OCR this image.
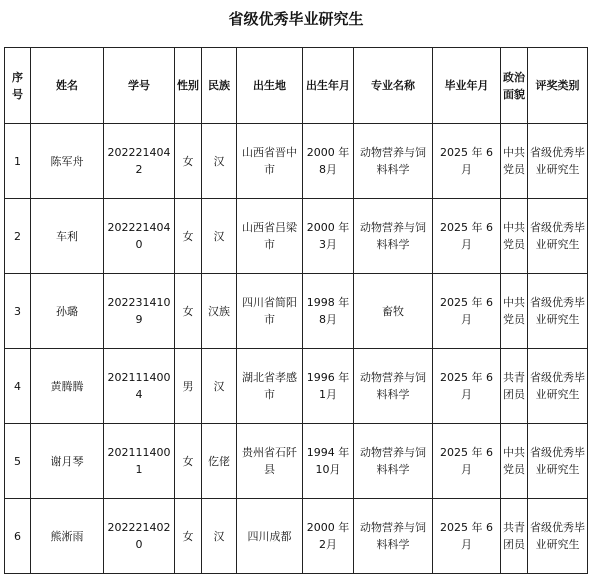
省级优秀毕业研究生
序号	姓名	学号	性别	民族	出生地	出生年月	专业名称	毕业年月	政治面貌	评奖类别
1	陈军舟	2022214042	女	汉	山西省晋中市	2000 年 8月	动物营养与饲料科学	2025 年 6 月	中共党员	省级优秀毕业研究生
2	车利	2022214040	女	汉	山西省吕梁市	2000 年 3月	动物营养与饲料科学	2025 年 6 月	中共党员	省级优秀毕业研究生
3	孙璐	2022314109	女	汉族	四川省简阳市	1998 年 8月	畜牧	2025 年 6 月	中共党员	省级优秀毕业研究生
4	黄腾腾	2021114004	男	汉	湖北省孝感市	1996 年 1月	动物营养与饲料科学	2025 年 6 月	共青团员	省级优秀毕业研究生
5	谢月琴	2021114001	女	仡佬	贵州省石阡县	1994 年 10月	动物营养与饲料科学	2025 年 6 月	中共党员	省级优秀毕业研究生
6	熊淅雨	2022214020	女	汉	四川成都	2000 年 2月	动物营养与饲料科学	2025 年 6 月	共青团员	省级优秀毕业研究生
